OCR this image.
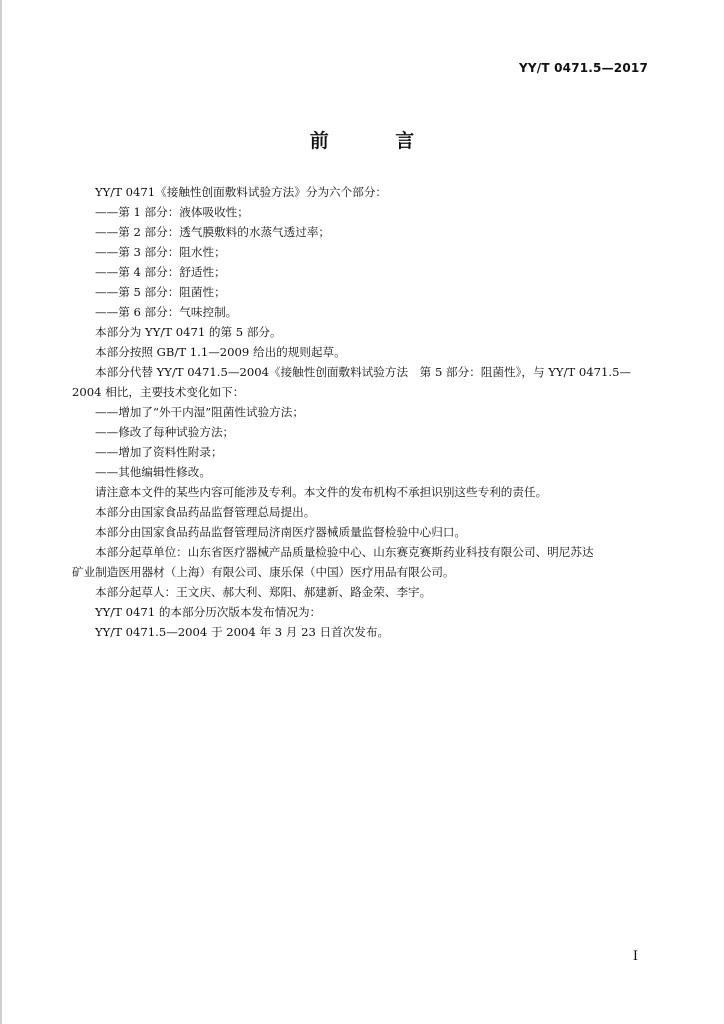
YY/T 0471.5—2017
前 言
YY/T 0471《接触性创面敷料试验方法》分为六个部分：
——第 1 部分：液体吸收性；
——第 2 部分：透气膜敷料的水蒸气透过率；
——第 3 部分：阻水性；
——第 4 部分：舒适性；
——第 5 部分：阻菌性；
——第 6 部分：气味控制。
本部分为 YY/T 0471 的第 5 部分。
本部分按照 GB/T 1.1—2009 给出的规则起草。
本部分代替 YY/T 0471.5—2004《接触性创面敷料试验方法　第 5 部分：阻菌性》，与 YY/T 0471.5—
2004 相比，主要技术变化如下：
——增加了“外干内湿”阻菌性试验方法；
——修改了每种试验方法；
——增加了资料性附录；
——其他编辑性修改。
请注意本文件的某些内容可能涉及专利。本文件的发布机构不承担识别这些专利的责任。
本部分由国家食品药品监督管理总局提出。
本部分由国家食品药品监督管理局济南医疗器械质量监督检验中心归口。
本部分起草单位：山东省医疗器械产品质量检验中心、山东赛克赛斯药业科技有限公司、明尼苏达
矿业制造医用器材（上海）有限公司、康乐保（中国）医疗用品有限公司。
本部分起草人：王文庆、郝大利、郑阳、郝建新、路金荣、李宇。
YY/T 0471 的本部分历次版本发布情况为：
YY/T 0471.5—2004 于 2004 年 3 月 23 日首次发布。
I
